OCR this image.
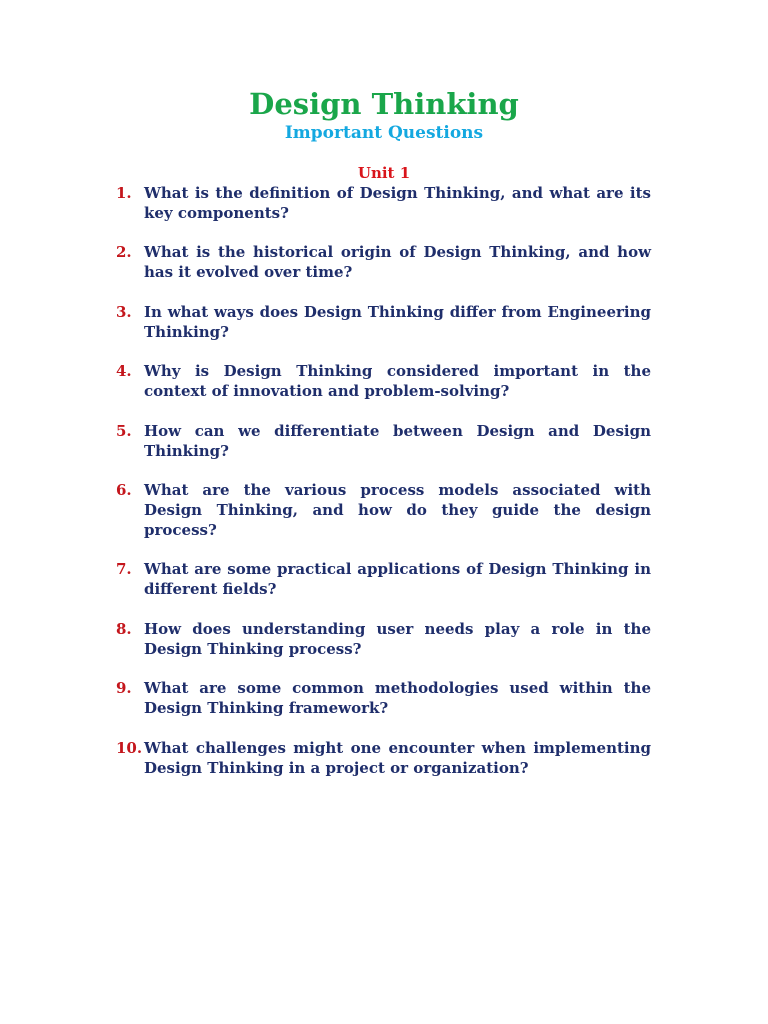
Design Thinking
Important Questions
Unit 1
1. What is the definition of Design Thinking, and what are its key components?
2. What is the historical origin of Design Thinking, and how has it evolved over time?
3. In what ways does Design Thinking differ from Engineering Thinking?
4. Why is Design Thinking considered important in the context of innovation and problem-solving?
5. How can we differentiate between Design and Design Thinking?
6. What are the various process models associated with Design Thinking, and how do they guide the design process?
7. What are some practical applications of Design Thinking in different fields?
8. How does understanding user needs play a role in the Design Thinking process?
9. What are some common methodologies used within the Design Thinking framework?
10. What challenges might one encounter when implementing Design Thinking in a project or organization?
